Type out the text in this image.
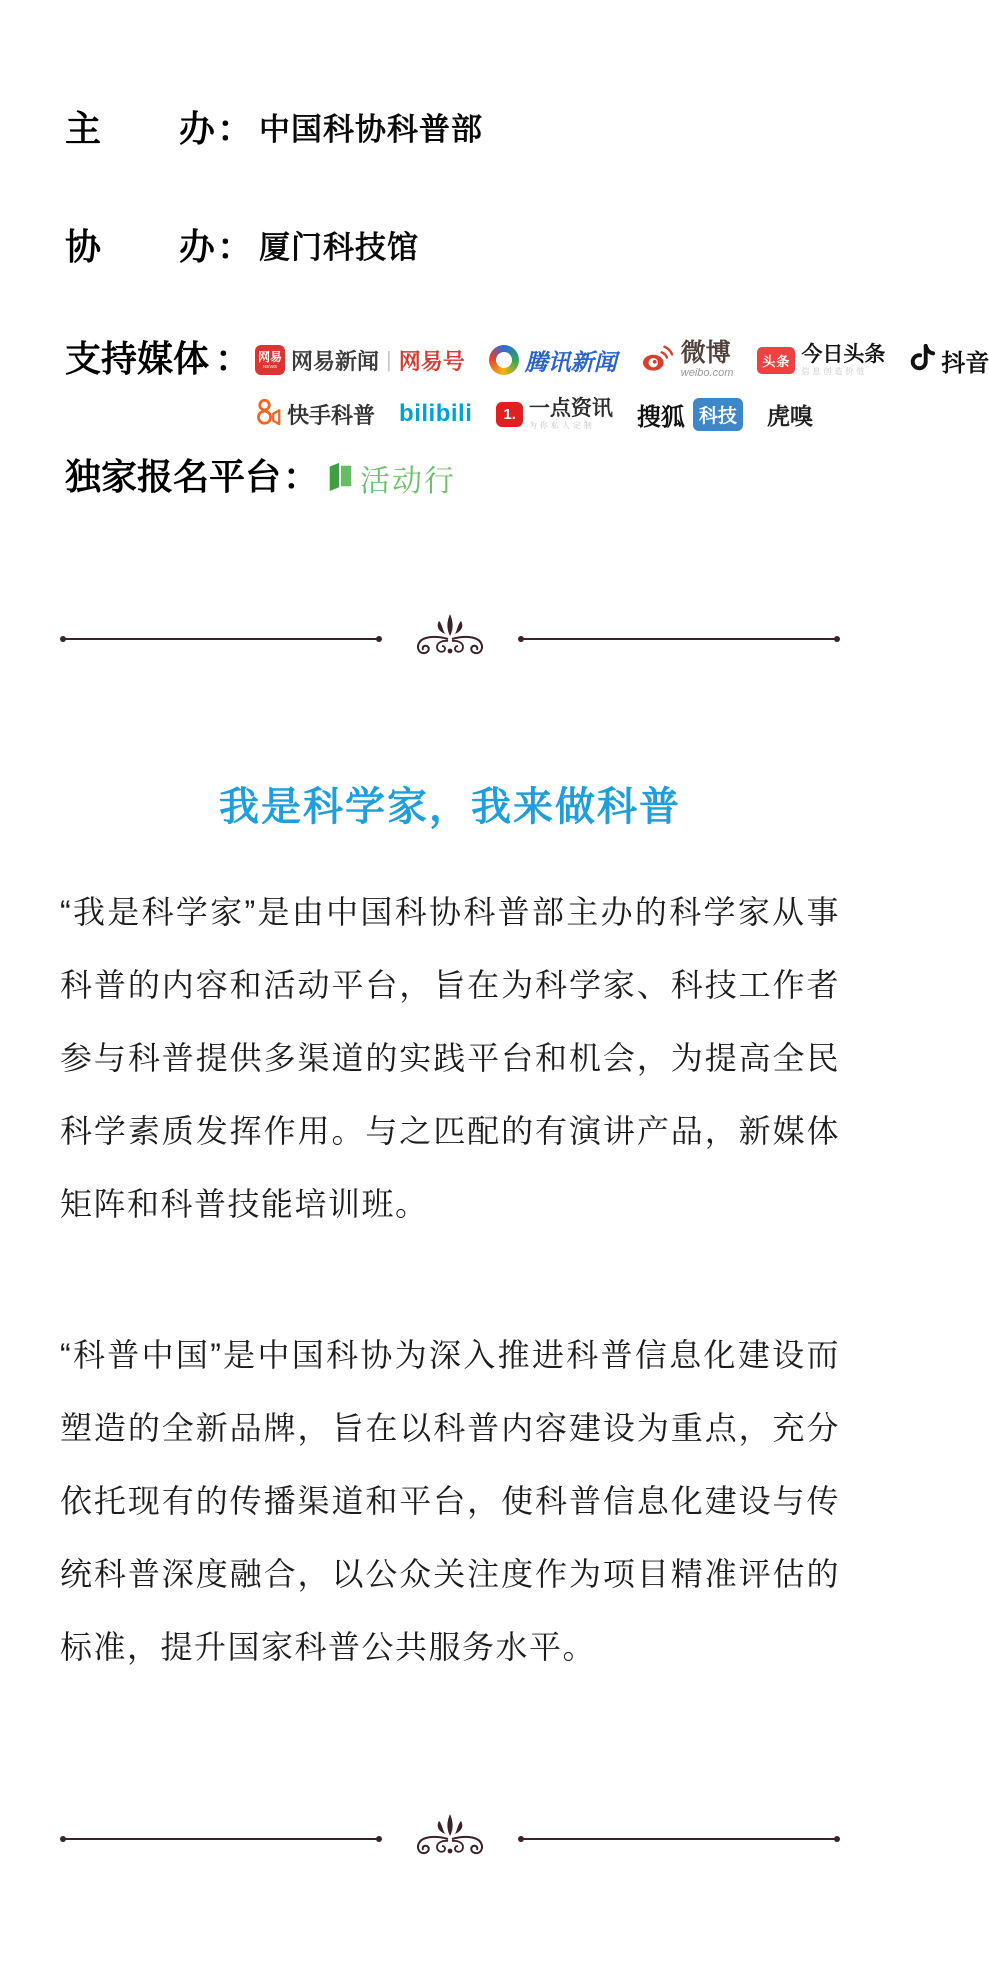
主办 ： 中国科协科普部
协办 ： 厦门科技馆
支持媒体 ： 网易
NEWS 网易新闻 | 网易号	腾讯新闻	微博
weibo.com
头条 今日头条
信息创造价值	抖音
快手科普 bilibili	1. 一点资讯
为你私人定制	搜狐 科技 虎嗅
独家报名平台 ： 活动行
我是科学家，我来做科普

“我是科学家”是由中国科协科普部主办的科学家从事科普的内容和活动平台，旨在为科学家、科技工作者参与科普提供多渠道的实践平台和机会，为提高全民科学素质发挥作用。与之匹配的有演讲产品，新媒体矩阵和科普技能培训班。

“科普中国”是中国科协为深入推进科普信息化建设而塑造的全新品牌，旨在以科普内容建设为重点，充分依托现有的传播渠道和平台，使科普信息化建设与传统科普深度融合，以公众关注度作为项目精准评估的标准，提升国家科普公共服务水平。
